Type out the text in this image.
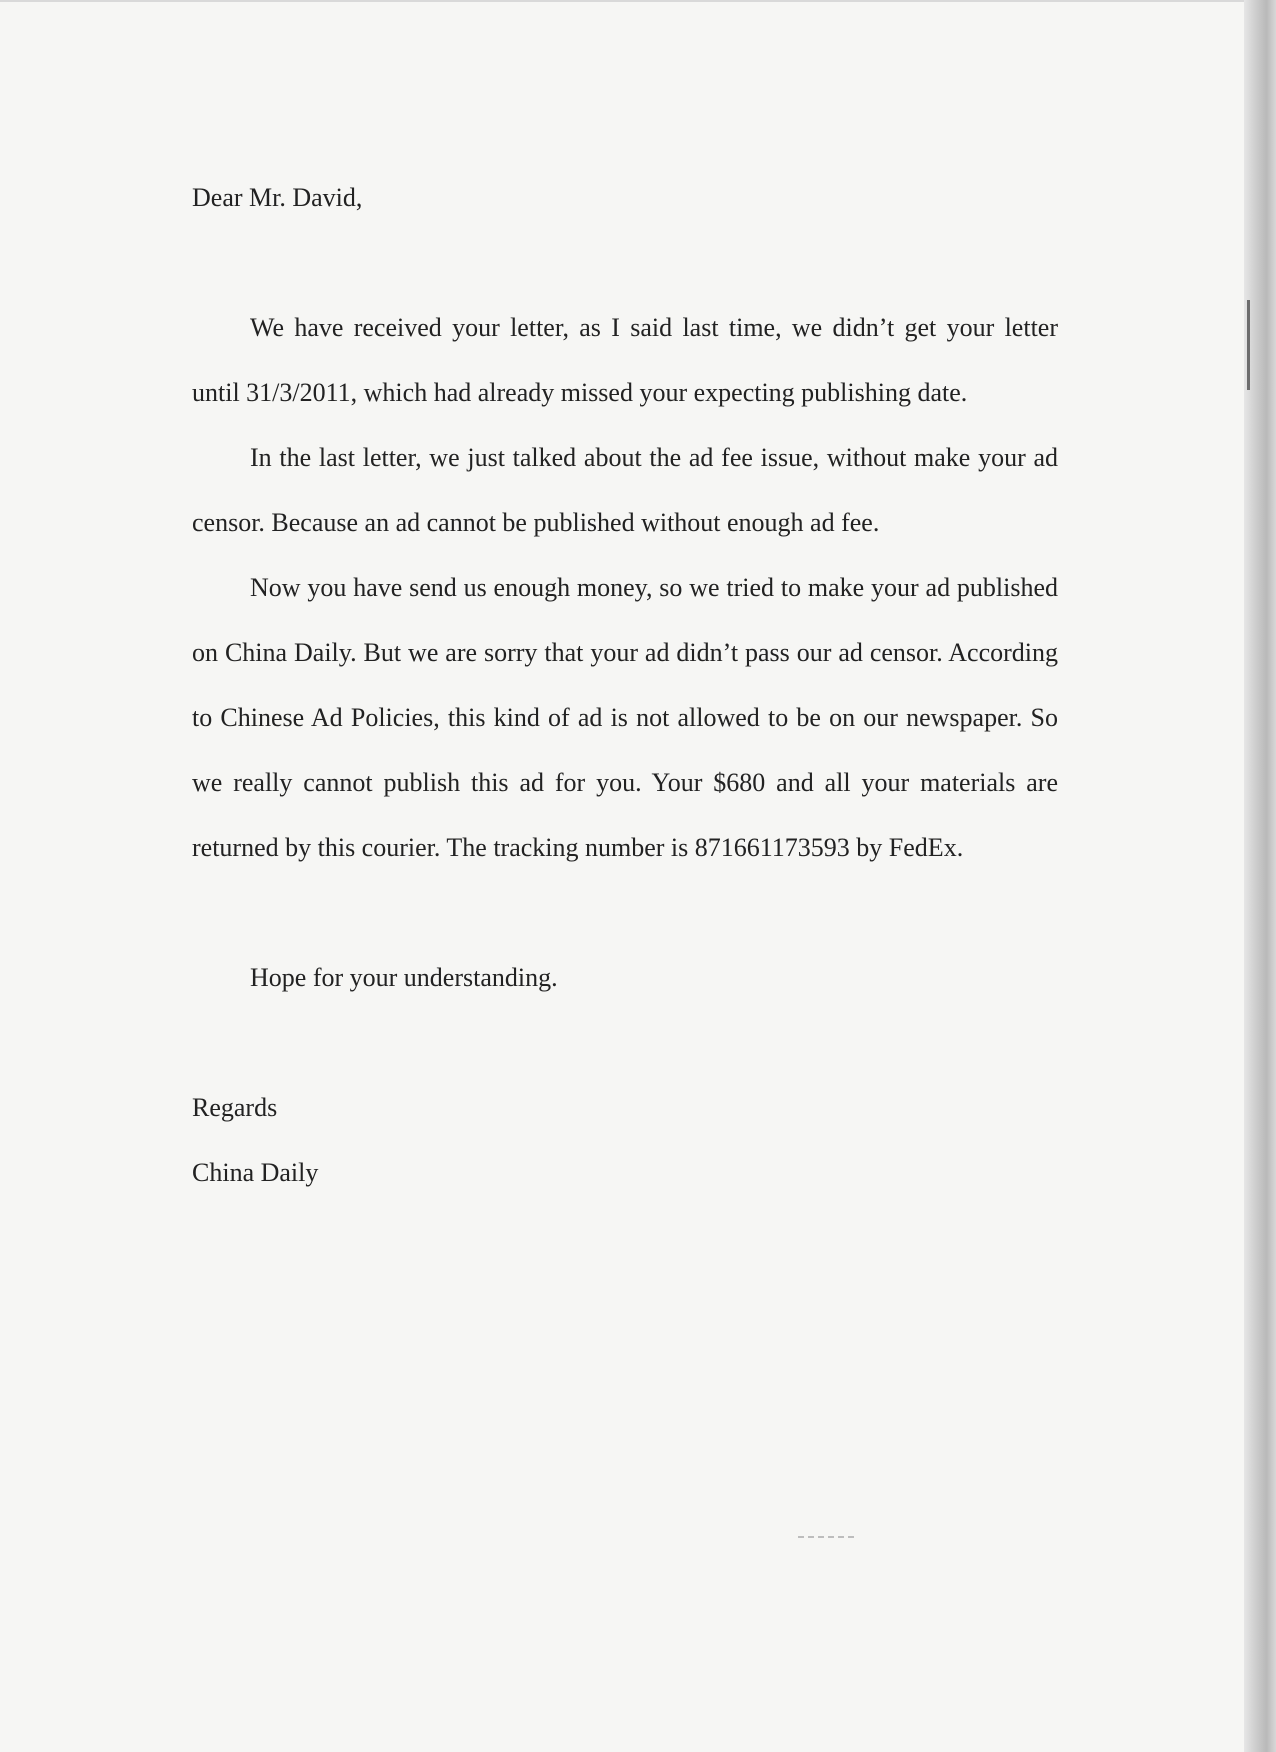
Dear Mr. David,

We have received your letter, as I said last time, we didn’t get your letter until 31/3/2011, which had already missed your expecting publishing date.

In the last letter, we just talked about the ad fee issue, without make your ad censor. Because an ad cannot be published without enough ad fee.

Now you have send us enough money, so we tried to make your ad published on China Daily. But we are sorry that your ad didn’t pass our ad censor. According to Chinese Ad Policies, this kind of ad is not allowed to be on our newspaper. So we really cannot publish this ad for you. Your $680 and all your materials are returned by this courier. The tracking number is 871661173593 by FedEx.

Hope for your understanding.

Regards

China Daily
